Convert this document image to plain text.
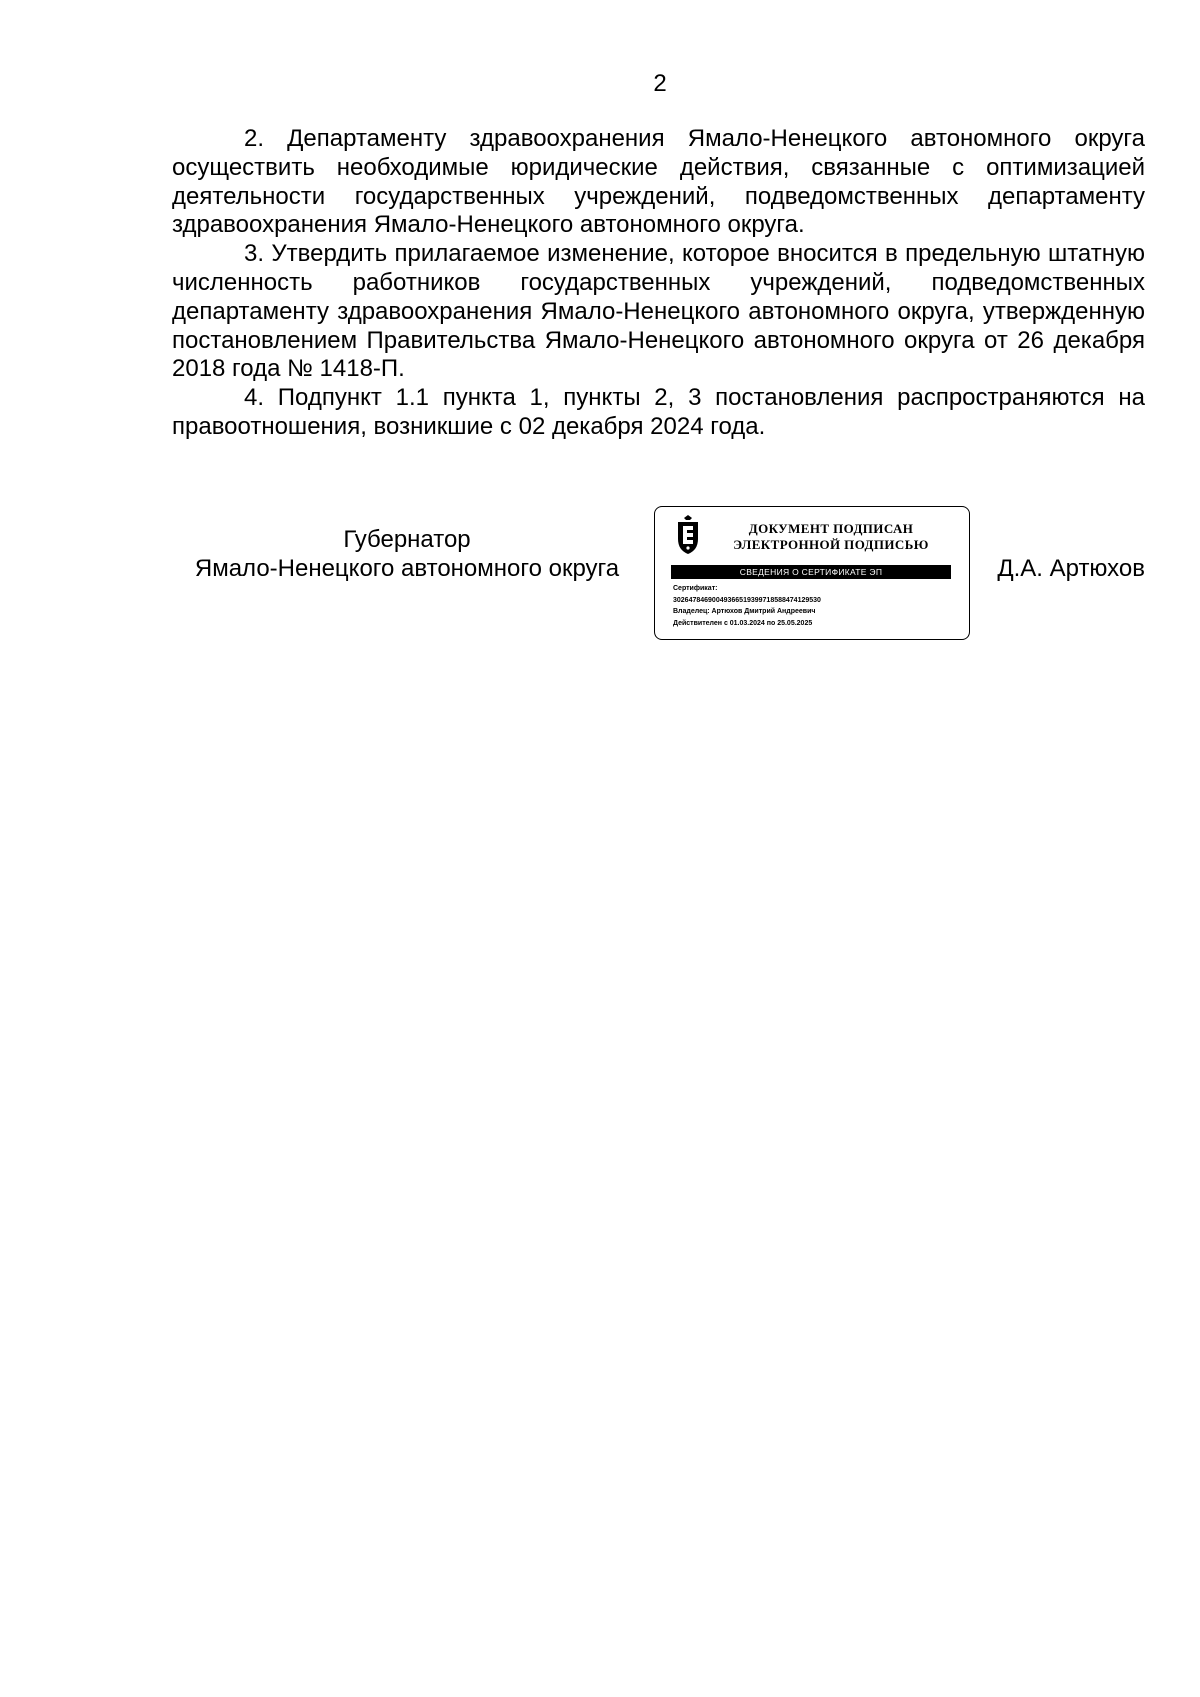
2

2. Департаменту здравоохранения Ямало-Ненецкого автономного округа осуществить необходимые юридические действия, связанные с оптимизацией деятельности государственных учреждений, подведомственных департаменту здравоохранения Ямало-Ненецкого автономного округа.

3. Утвердить прилагаемое изменение, которое вносится в предельную штатную численность работников государственных учреждений, подведомственных департаменту здравоохранения Ямало-Ненецкого автономного округа, утвержденную постановлением Правительства Ямало-Ненецкого автономного округа от 26 декабря 2018 года № 1418-П.

4. Подпункт 1.1 пункта 1, пункты 2, 3 постановления распространяются на правоотношения, возникшие с 02 декабря 2024 года.

Губернатор
Ямало-Ненецкого автономного округа
ДОКУМЕНТ ПОДПИСАН
ЭЛЕКТРОННОЙ ПОДПИСЬЮ
СВЕДЕНИЯ О СЕРТИФИКАТЕ ЭП
Сертификат:
30264784690049366519399718588474129530
Владелец: Артюхов Дмитрий Андреевич
Действителен с 01.03.2024 по 25.05.2025
Д.А. Артюхов
